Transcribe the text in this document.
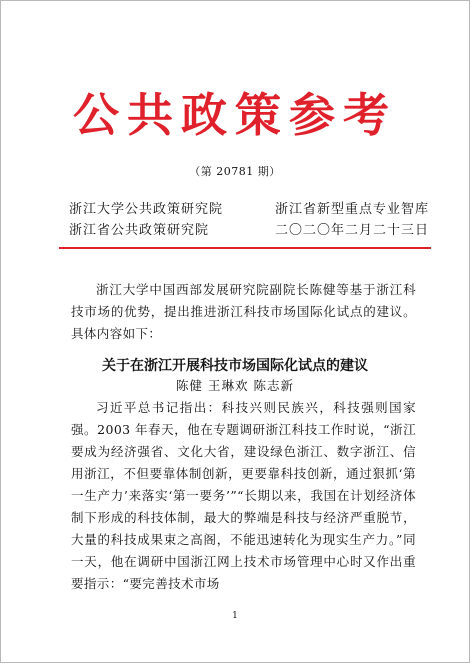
公共政策参考
（第 20781 期）
浙江大学公共政策研究院	浙江省新型重点专业智库
浙江省公共政策研究院	二〇二〇年二月二十三日
浙江大学中国西部发展研究院副院长陈健等基于浙江科技市场的优势，提出推进浙江科技市场国际化试点的建议。具体内容如下：
关于在浙江开展科技市场国际化试点的建议
陈健 王琳欢 陈志新
习近平总书记指出：科技兴则民族兴，科技强则国家强。2003 年春天，他在专题调研浙江科技工作时说，“浙江要成为经济强省、文化大省，建设绿色浙江、数字浙江、信用浙江，不但要靠体制创新，更要靠科技创新，通过狠抓‘第一生产力’来落实‘第一要务’”“长期以来，我国在计划经济体制下形成的科技体制，最大的弊端是科技与经济严重脱节，大量的科技成果束之高阁，不能迅速转化为现实生产力。”同一天，他在调研中国浙江网上技术市场管理中心时又作出重要指示：“要完善技术市场
1
